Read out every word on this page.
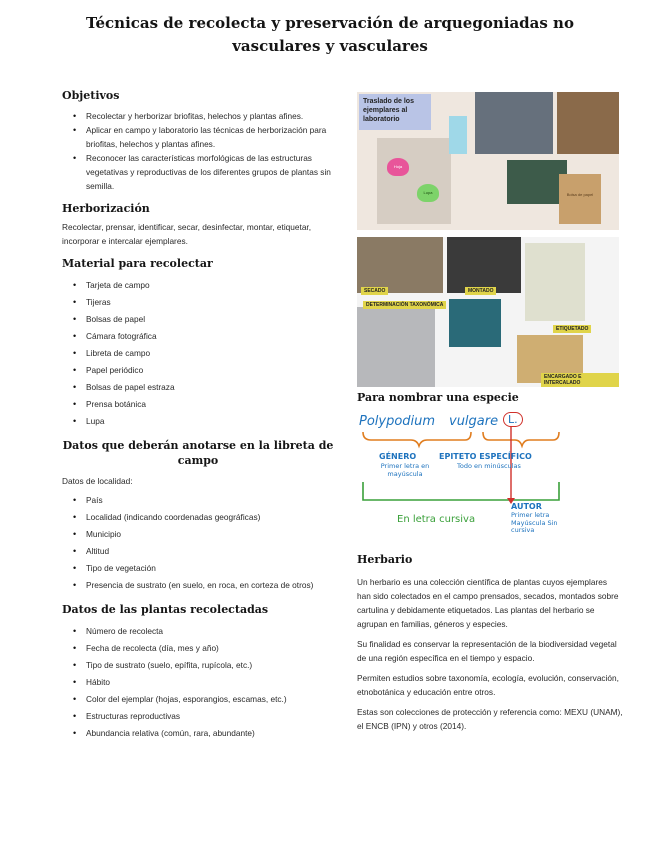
Técnicas de recolecta y preservación de arquegoniadas no vasculares y vasculares
Objetivos
• Recolectar y herborizar briofitas, helechos y plantas afines.
• Aplicar en campo y laboratorio las técnicas de herborización para briofitas, helechos y plantas afines.
• Reconocer las características morfológicas de las estructuras vegetativas y reproductivas de los diferentes grupos de plantas sin semilla.
Herborización

Recolectar, prensar, identificar, secar, desinfectar, montar, etiquetar, incorporar e intercalar ejemplares.

Material para recolectar
• Tarjeta de campo
• Tijeras
• Bolsas de papel
• Cámara fotográfica
• Libreta de campo
• Papel periódico
• Bolsas de papel estraza
• Prensa botánica
• Lupa
Datos que deberán anotarse en la libreta de campo

Datos de localidad:

• País
• Localidad (indicando coordenadas geográficas)
• Municipio
• Altitud
• Tipo de vegetación
• Presencia de sustrato (en suelo, en roca, en corteza de otros)
Datos de las plantas recolectadas
• Número de recolecta
• Fecha de recolecta (día, mes y año)
• Tipo de sustrato (suelo, epífita, rupícola, etc.)
• Hábito
• Color del ejemplar (hojas, esporangios, escamas, etc.)
• Estructuras reproductivas
• Abundancia relativa (común, rara, abundante)
Traslado de los ejemplares al laboratorio
Hoja
Lupa	Bolsa de papel
SECADO	MONTADO
ETIQUETADO
DETERMINACIÓN TAXONÓMICA
ENCARGADO E INTERCALADO
Para nombrar una especie
Polypodium vulgare L.
GÉNERO
Primer letra en mayúscula
EPITETO ESPECÍFICO
Todo en minúsculas
En letra cursiva
AUTOR
Primer letra Mayúscula Sin cursiva
Herbario

Un herbario es una colección científica de plantas cuyos ejemplares han sido colectados en el campo prensados, secados, montados sobre cartulina y debidamente etiquetados. Las plantas del herbario se agrupan en familias, géneros y especies.

Su finalidad es conservar la representación de la biodiversidad vegetal de una región específica en el tiempo y espacio.

Permiten estudios sobre taxonomía, ecología, evolución, conservación, etnobotánica y educación entre otros.

Estas son colecciones de protección y referencia como: MEXU (UNAM), el ENCB (IPN) y otros (2014).
